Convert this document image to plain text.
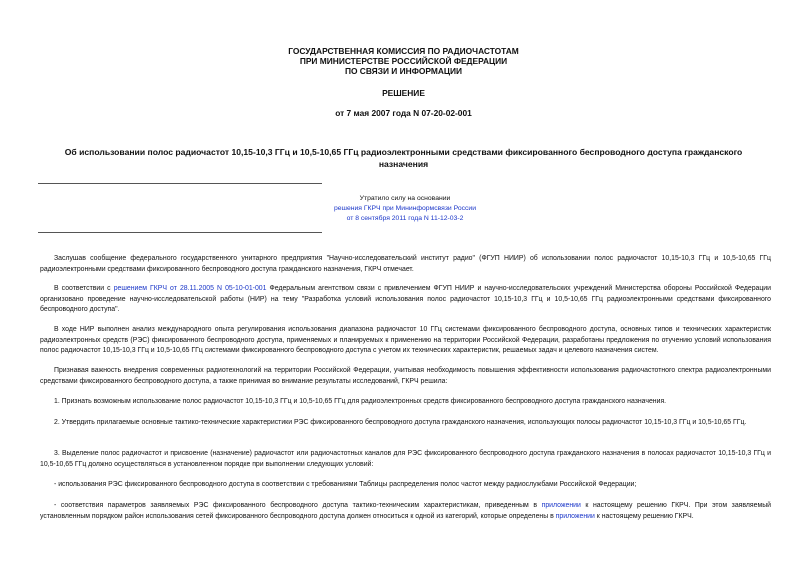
ГОСУДАРСТВЕННАЯ КОМИССИЯ ПО РАДИОЧАСТОТАМ
ПРИ МИНИСТЕРСТВЕ РОССИЙСКОЙ ФЕДЕРАЦИИ
ПО СВЯЗИ И ИНФОРМАЦИИ
РЕШЕНИЕ
от 7 мая 2007 года N 07-20-02-001
Об использовании полос радиочастот 10,15-10,3 ГГц и 10,5-10,65 ГГц радиоэлектронными средствами фиксированного беспроводного доступа гражданского назначения
Утратило силу на основании
решения ГКРЧ при Мининформсвязи России
от 8 сентября 2011 года N 11-12-03-2
Заслушав сообщение федерального государственного унитарного предприятия "Научно-исследовательский институт радио" (ФГУП НИИР) об использовании полос радиочастот 10,15-10,3 ГГц и 10,5-10,65 ГГц радиоэлектронными средствами фиксированного беспроводного доступа гражданского назначения, ГКРЧ отмечает.
В соответствии с решением ГКРЧ от 28.11.2005 N 05-10-01-001 Федеральным агентством связи с привлечением ФГУП НИИР и научно-исследовательских учреждений Министерства обороны Российской Федерации организовано проведение научно-исследовательской работы (НИР) на тему "Разработка условий использования полос радиочастот 10,15-10,3 ГГц и 10,5-10,65 ГГц радиоэлектронными средствами фиксированного беспроводного доступа".
В ходе НИР выполнен анализ международного опыта регулирования использования диапазона радиочастот 10 ГГц системами фиксированного беспроводного доступа, основных типов и технических характеристик радиоэлектронных средств (РЭС) фиксированного беспроводного доступа, применяемых и планируемых к применению на территории Российской Федерации, разработаны предложения по отучению условий использования полос радиочастот 10,15-10,3 ГГц и 10,5-10,65 ГГц системами фиксированного беспроводного доступа с учетом их технических характеристик, решаемых задач и целевого назначения систем.
Признавая важность внедрения современных радиотехнологий на территории Российской Федерации, учитывая необходимость повышения эффективности использования радиочастотного спектра радиоэлектронными средствами фиксированного беспроводного доступа, а также принимая во внимание результаты исследований, ГКРЧ решила:
1. Признать возможным использование полос радиочастот 10,15-10,3 ГГц и 10,5-10,65 ГГц для радиоэлектронных средств фиксированного беспроводного доступа гражданского назначения.
2. Утвердить прилагаемые основные тактико-технические характеристики РЭС фиксированного беспроводного доступа гражданского назначения, использующих полосы радиочастот 10,15-10,3 ГГц и 10,5-10,65 ГГц.
3. Выделение полос радиочастот и присвоение (назначение) радиочастот или радиочастотных каналов для РЭС фиксированного беспроводного доступа гражданского назначения в полосах радиочастот 10,15-10,3 ГГц и 10,5-10,65 ГГц должно осуществляться в установленном порядке при выполнении следующих условий:
- использования РЭС фиксированного беспроводного доступа в соответствии с требованиями Таблицы распределения полос частот между радиослужбами Российской Федерации;
- соответствия параметров заявляемых РЭС фиксированного беспроводного доступа тактико-техническим характеристикам, приведенным в приложении к настоящему решению ГКРЧ. При этом заявляемый установленным порядком район использования сетей фиксированного беспроводного доступа должен относиться к одной из категорий, которые определены в приложении к настоящему решению ГКРЧ.
